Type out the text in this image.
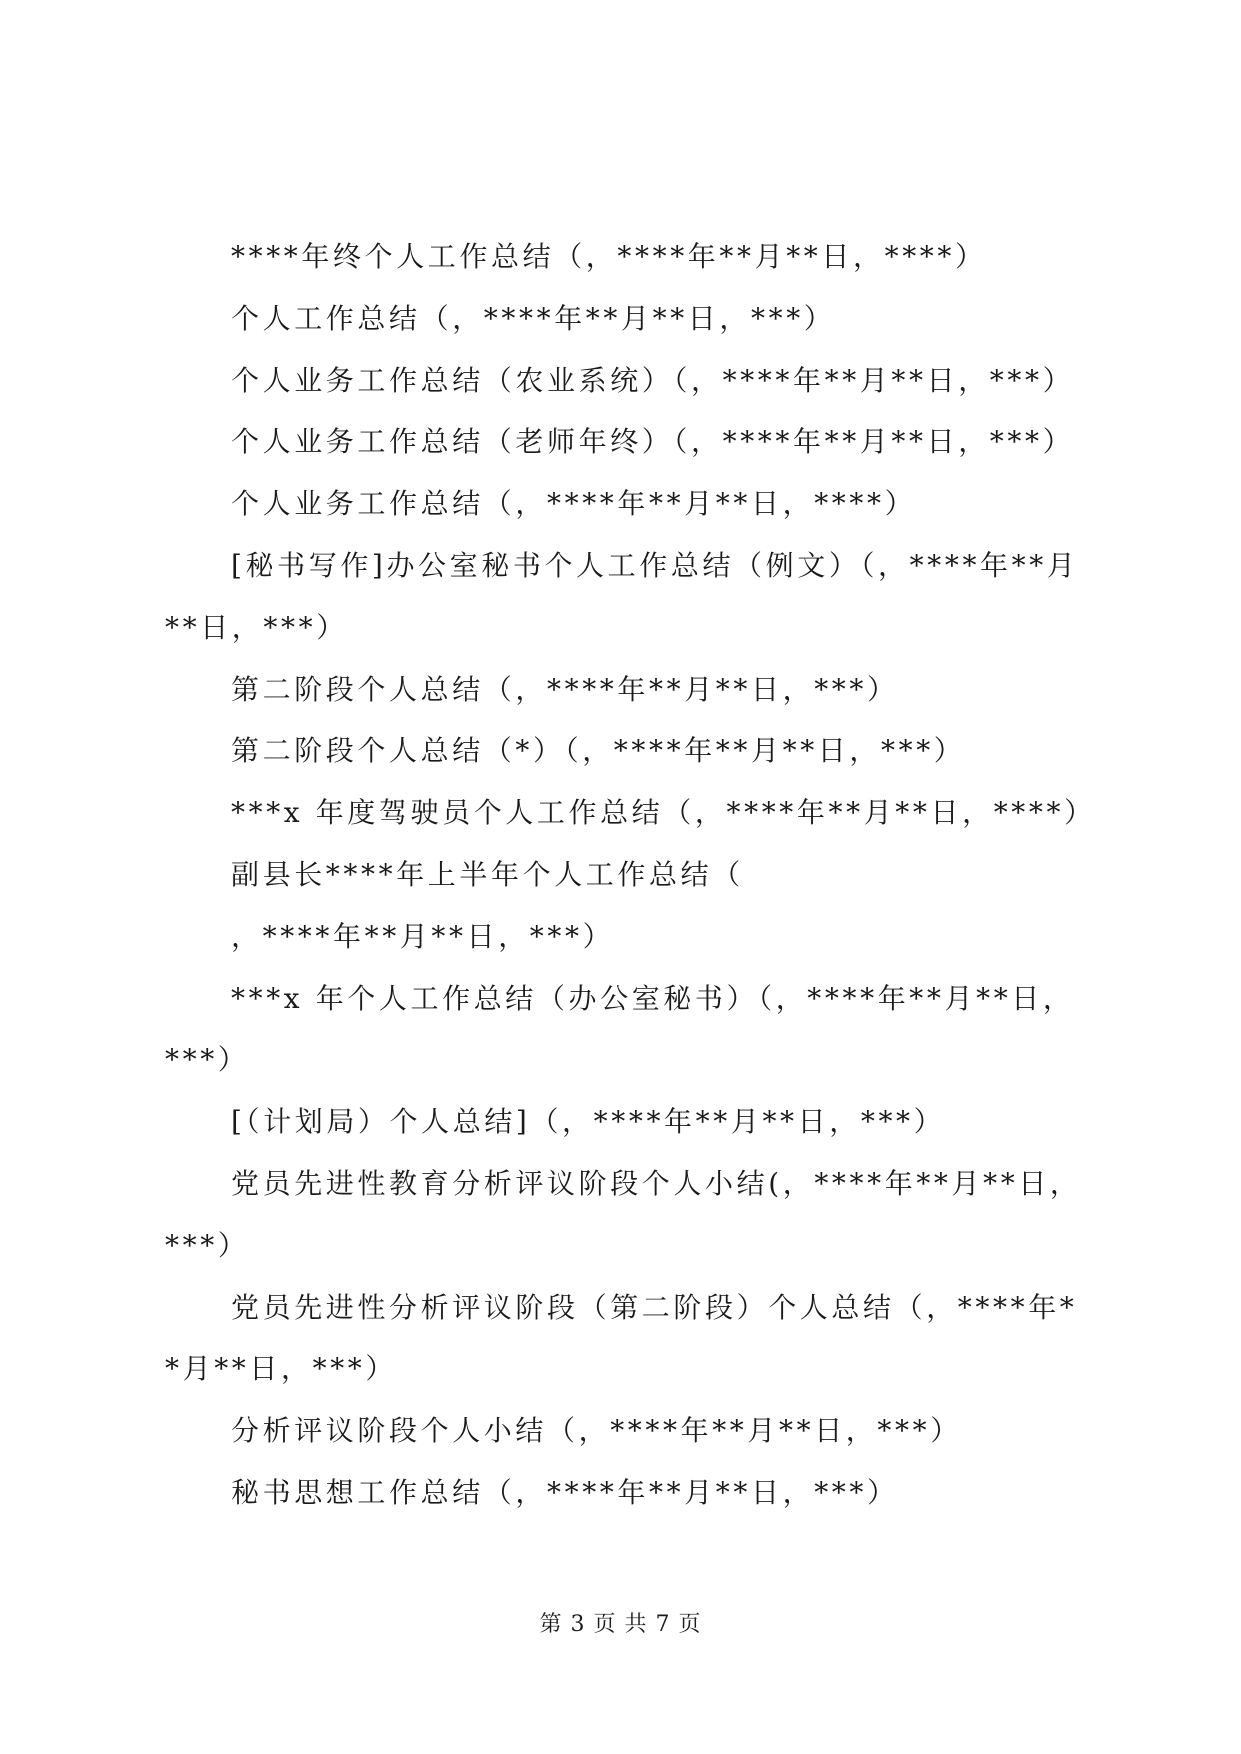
****年终个人工作总结（，****年**月**日，****）

个人工作总结（，****年**月**日，***）

个人业务工作总结（农业系统）（，****年**月**日，***）

个人业务工作总结（老师年终）（，****年**月**日，***）

个人业务工作总结（，****年**月**日，****）

[秘书写作]办公室秘书个人工作总结（例文）（，****年**月**日，***）

第二阶段个人总结（，****年**月**日，***）

第二阶段个人总结（*）（，****年**月**日，***）

***x 年度驾驶员个人工作总结（，****年**月**日，****）

副县长****年上半年个人工作总结（

，****年**月**日，***）

***x 年个人工作总结（办公室秘书）（，****年**月**日，***）

[（计划局）个人总结]（，****年**月**日，***）

党员先进性教育分析评议阶段个人小结(，****年**月**日，***）

党员先进性分析评议阶段（第二阶段）个人总结（，****年**月**日，***）

分析评议阶段个人小结（，****年**月**日，***）

秘书思想工作总结（，****年**月**日，***）

第 3 页 共 7 页
